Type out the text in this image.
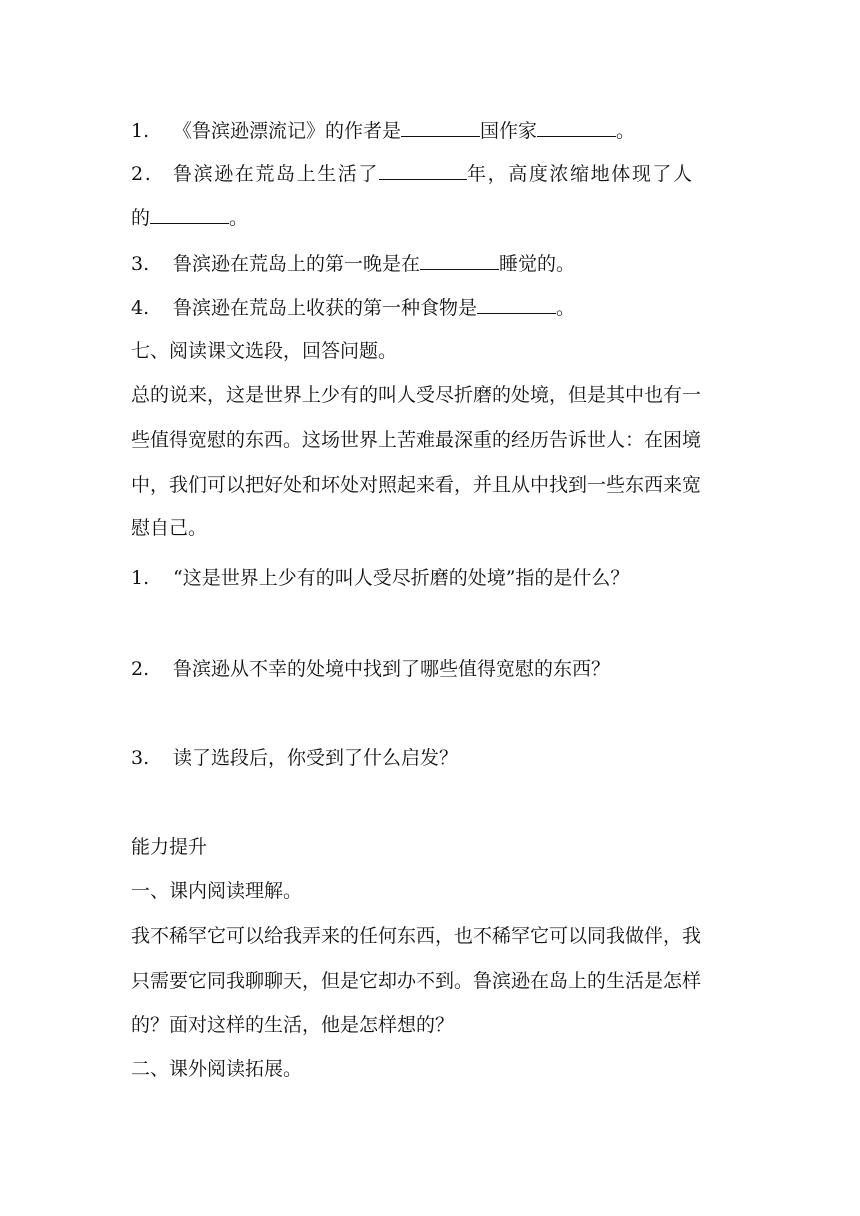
1. 《鲁滨逊漂流记》的作者是	国作家	。
2. 鲁滨逊在荒岛上生活了	年，高度浓缩地体现了人
的	。
3. 鲁滨逊在荒岛上的第一晚是在	睡觉的。
4. 鲁滨逊在荒岛上收获的第一种食物是	。
七、阅读课文选段，回答问题。
总的说来，这是世界上少有的叫人受尽折磨的处境，但是其中也有一
些值得宽慰的东西。这场世界上苦难最深重的经历告诉世人：在困境
中，我们可以把好处和坏处对照起来看，并且从中找到一些东西来宽
慰自己。
1. “这是世界上少有的叫人受尽折磨的处境”指的是什么？
2. 鲁滨逊从不幸的处境中找到了哪些值得宽慰的东西？
3. 读了选段后，你受到了什么启发？
能力提升
一、课内阅读理解。
我不稀罕它可以给我弄来的任何东西，也不稀罕它可以同我做伴，我
只需要它同我聊聊天，但是它却办不到。鲁滨逊在岛上的生活是怎样
的？面对这样的生活，他是怎样想的？
二、课外阅读拓展。
